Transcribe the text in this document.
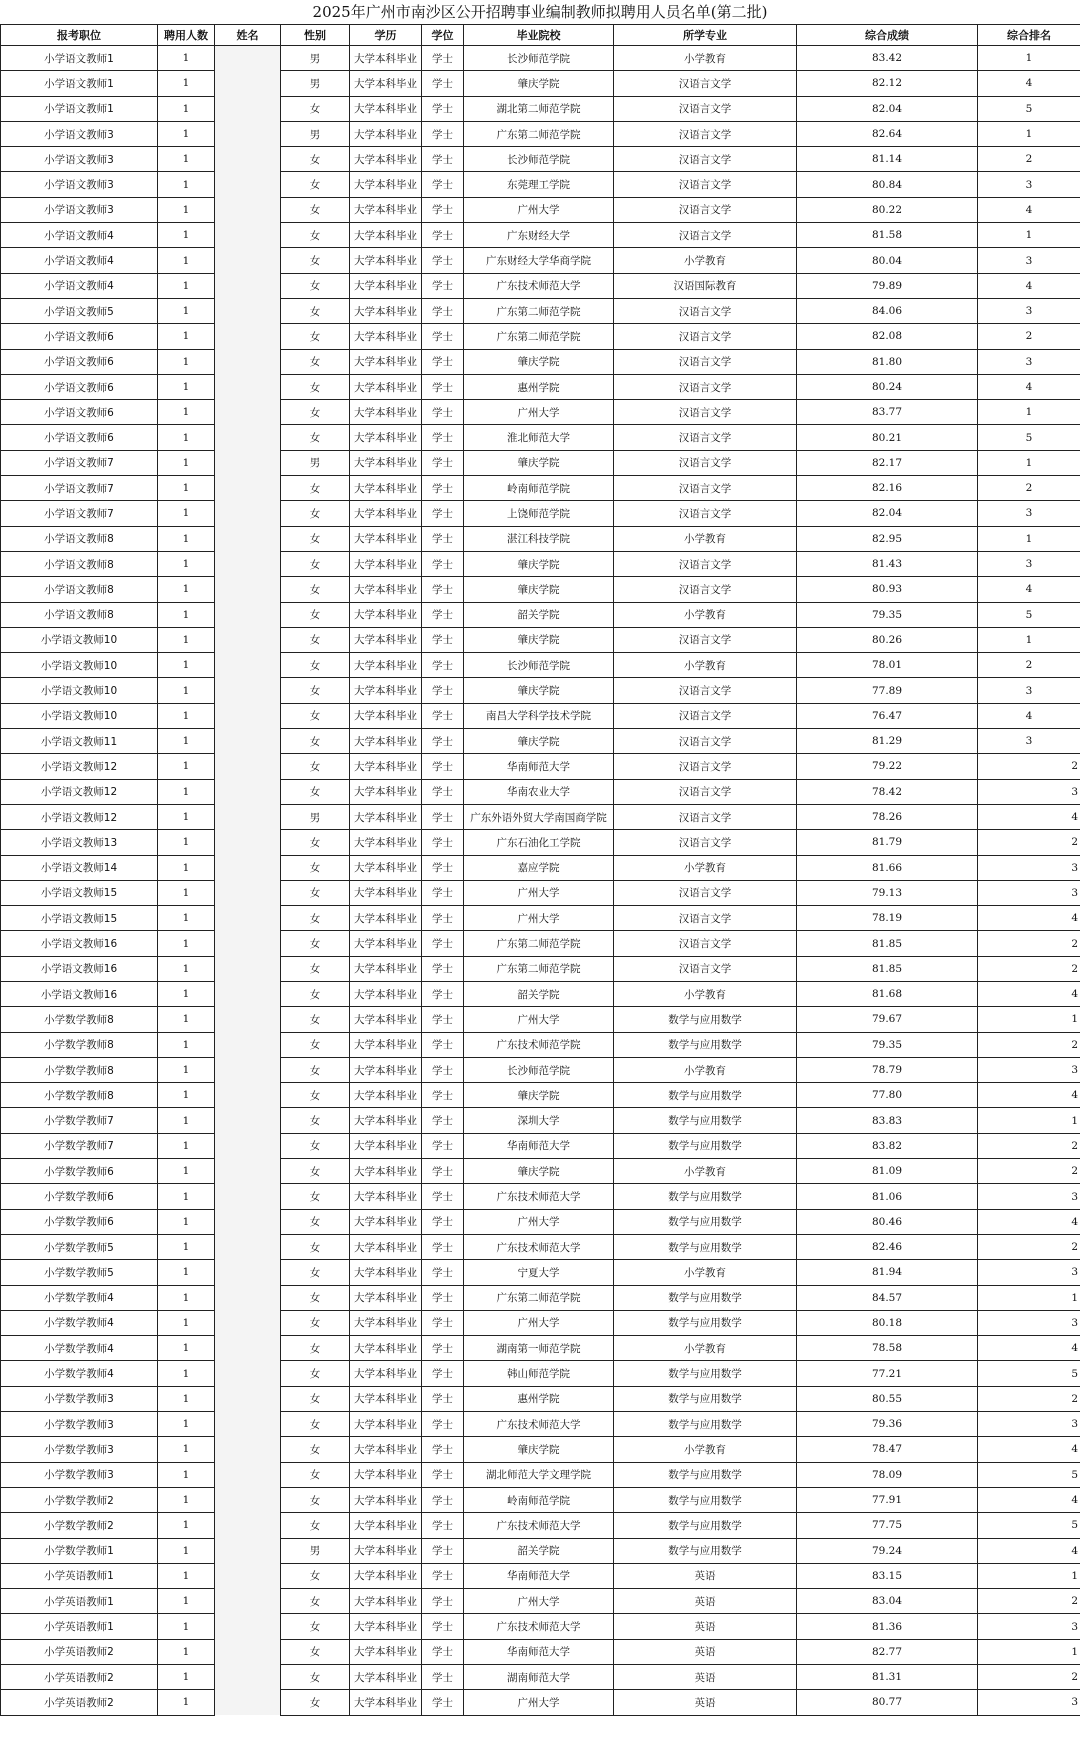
2025年广州市南沙区公开招聘事业编制教师拟聘用人员名单(第二批)
报考职位	聘用人数	姓名	性别	学历	学位	毕业院校	所学专业	综合成绩	综合排名
小学语文教师1	1		男	大学本科毕业	学士	长沙师范学院	小学教育	83.42	1
小学语文教师1	1		男	大学本科毕业	学士	肇庆学院	汉语言文学	82.12	4
小学语文教师1	1		女	大学本科毕业	学士	湖北第二师范学院	汉语言文学	82.04	5
小学语文教师3	1		男	大学本科毕业	学士	广东第二师范学院	汉语言文学	82.64	1
小学语文教师3	1		女	大学本科毕业	学士	长沙师范学院	汉语言文学	81.14	2
小学语文教师3	1		女	大学本科毕业	学士	东莞理工学院	汉语言文学	80.84	3
小学语文教师3	1		女	大学本科毕业	学士	广州大学	汉语言文学	80.22	4
小学语文教师4	1		女	大学本科毕业	学士	广东财经大学	汉语言文学	81.58	1
小学语文教师4	1		女	大学本科毕业	学士	广东财经大学华商学院	小学教育	80.04	3
小学语文教师4	1		女	大学本科毕业	学士	广东技术师范大学	汉语国际教育	79.89	4
小学语文教师5	1		女	大学本科毕业	学士	广东第二师范学院	汉语言文学	84.06	3
小学语文教师6	1		女	大学本科毕业	学士	广东第二师范学院	汉语言文学	82.08	2
小学语文教师6	1		女	大学本科毕业	学士	肇庆学院	汉语言文学	81.80	3
小学语文教师6	1		女	大学本科毕业	学士	惠州学院	汉语言文学	80.24	4
小学语文教师6	1		女	大学本科毕业	学士	广州大学	汉语言文学	83.77	1
小学语文教师6	1		女	大学本科毕业	学士	淮北师范大学	汉语言文学	80.21	5
小学语文教师7	1		男	大学本科毕业	学士	肇庆学院	汉语言文学	82.17	1
小学语文教师7	1		女	大学本科毕业	学士	岭南师范学院	汉语言文学	82.16	2
小学语文教师7	1		女	大学本科毕业	学士	上饶师范学院	汉语言文学	82.04	3
小学语文教师8	1		女	大学本科毕业	学士	湛江科技学院	小学教育	82.95	1
小学语文教师8	1		女	大学本科毕业	学士	肇庆学院	汉语言文学	81.43	3
小学语文教师8	1		女	大学本科毕业	学士	肇庆学院	汉语言文学	80.93	4
小学语文教师8	1		女	大学本科毕业	学士	韶关学院	小学教育	79.35	5
小学语文教师10	1		女	大学本科毕业	学士	肇庆学院	汉语言文学	80.26	1
小学语文教师10	1		女	大学本科毕业	学士	长沙师范学院	小学教育	78.01	2
小学语文教师10	1		女	大学本科毕业	学士	肇庆学院	汉语言文学	77.89	3
小学语文教师10	1		女	大学本科毕业	学士	南昌大学科学技术学院	汉语言文学	76.47	4
小学语文教师11	1		女	大学本科毕业	学士	肇庆学院	汉语言文学	81.29	3
小学语文教师12	1		女	大学本科毕业	学士	华南师范大学	汉语言文学	79.22	2
小学语文教师12	1		女	大学本科毕业	学士	华南农业大学	汉语言文学	78.42	3
小学语文教师12	1		男	大学本科毕业	学士	广东外语外贸大学南国商学院	汉语言文学	78.26	4
小学语文教师13	1		女	大学本科毕业	学士	广东石油化工学院	汉语言文学	81.79	2
小学语文教师14	1		女	大学本科毕业	学士	嘉应学院	小学教育	81.66	3
小学语文教师15	1		女	大学本科毕业	学士	广州大学	汉语言文学	79.13	3
小学语文教师15	1		女	大学本科毕业	学士	广州大学	汉语言文学	78.19	4
小学语文教师16	1		女	大学本科毕业	学士	广东第二师范学院	汉语言文学	81.85	2
小学语文教师16	1		女	大学本科毕业	学士	广东第二师范学院	汉语言文学	81.85	2
小学语文教师16	1		女	大学本科毕业	学士	韶关学院	小学教育	81.68	4
小学数学教师8	1		女	大学本科毕业	学士	广州大学	数学与应用数学	79.67	1
小学数学教师8	1		女	大学本科毕业	学士	广东技术师范学院	数学与应用数学	79.35	2
小学数学教师8	1		女	大学本科毕业	学士	长沙师范学院	小学教育	78.79	3
小学数学教师8	1		女	大学本科毕业	学士	肇庆学院	数学与应用数学	77.80	4
小学数学教师7	1		女	大学本科毕业	学士	深圳大学	数学与应用数学	83.83	1
小学数学教师7	1		女	大学本科毕业	学士	华南师范大学	数学与应用数学	83.82	2
小学数学教师6	1		女	大学本科毕业	学士	肇庆学院	小学教育	81.09	2
小学数学教师6	1		女	大学本科毕业	学士	广东技术师范大学	数学与应用数学	81.06	3
小学数学教师6	1		女	大学本科毕业	学士	广州大学	数学与应用数学	80.46	4
小学数学教师5	1		女	大学本科毕业	学士	广东技术师范大学	数学与应用数学	82.46	2
小学数学教师5	1		女	大学本科毕业	学士	宁夏大学	小学教育	81.94	3
小学数学教师4	1		女	大学本科毕业	学士	广东第二师范学院	数学与应用数学	84.57	1
小学数学教师4	1		女	大学本科毕业	学士	广州大学	数学与应用数学	80.18	3
小学数学教师4	1		女	大学本科毕业	学士	湖南第一师范学院	小学教育	78.58	4
小学数学教师4	1		女	大学本科毕业	学士	韩山师范学院	数学与应用数学	77.21	5
小学数学教师3	1		女	大学本科毕业	学士	惠州学院	数学与应用数学	80.55	2
小学数学教师3	1		女	大学本科毕业	学士	广东技术师范大学	数学与应用数学	79.36	3
小学数学教师3	1		女	大学本科毕业	学士	肇庆学院	小学教育	78.47	4
小学数学教师3	1		女	大学本科毕业	学士	湖北师范大学文理学院	数学与应用数学	78.09	5
小学数学教师2	1		女	大学本科毕业	学士	岭南师范学院	数学与应用数学	77.91	4
小学数学教师2	1		女	大学本科毕业	学士	广东技术师范大学	数学与应用数学	77.75	5
小学数学教师1	1		男	大学本科毕业	学士	韶关学院	数学与应用数学	79.24	4
小学英语教师1	1		女	大学本科毕业	学士	华南师范大学	英语	83.15	1
小学英语教师1	1		女	大学本科毕业	学士	广州大学	英语	83.04	2
小学英语教师1	1		女	大学本科毕业	学士	广东技术师范大学	英语	81.36	3
小学英语教师2	1		女	大学本科毕业	学士	华南师范大学	英语	82.77	1
小学英语教师2	1		女	大学本科毕业	学士	湖南师范大学	英语	81.31	2
小学英语教师2	1		女	大学本科毕业	学士	广州大学	英语	80.77	3
